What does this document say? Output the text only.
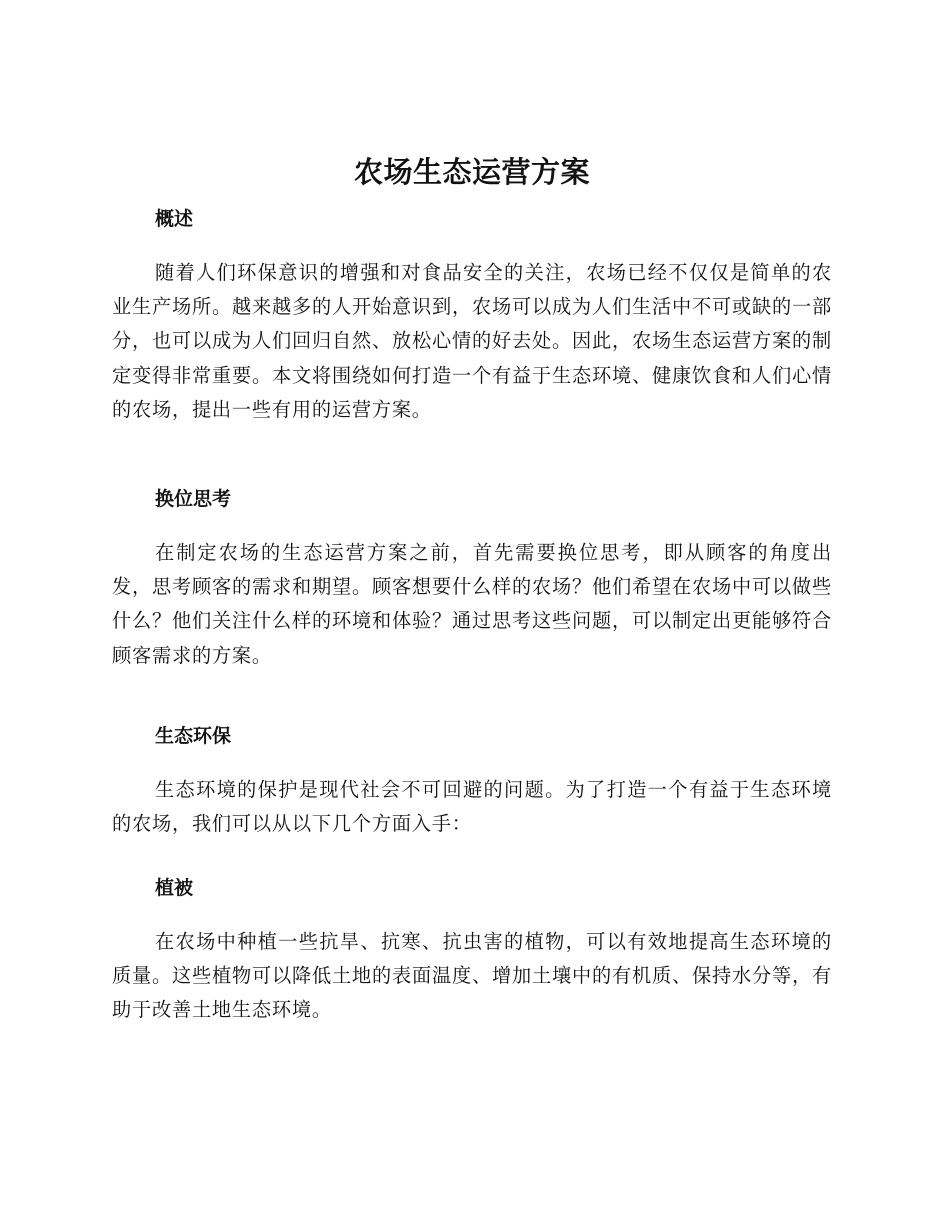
农场生态运营方案
概述

随着人们环保意识的增强和对食品安全的关注，农场已经不仅仅是简单的农业生产场所。越来越多的人开始意识到，农场可以成为人们生活中不可或缺的一部分，也可以成为人们回归自然、放松心情的好去处。因此，农场生态运营方案的制定变得非常重要。本文将围绕如何打造一个有益于生态环境、健康饮食和人们心情的农场，提出一些有用的运营方案。

换位思考

在制定农场的生态运营方案之前，首先需要换位思考，即从顾客的角度出发，思考顾客的需求和期望。顾客想要什么样的农场？他们希望在农场中可以做些什么？他们关注什么样的环境和体验？通过思考这些问题，可以制定出更能够符合顾客需求的方案。

生态环保

生态环境的保护是现代社会不可回避的问题。为了打造一个有益于生态环境的农场，我们可以从以下几个方面入手：

植被

在农场中种植一些抗旱、抗寒、抗虫害的植物，可以有效地提高生态环境的质量。这些植物可以降低土地的表面温度、增加土壤中的有机质、保持水分等，有助于改善土地生态环境。
